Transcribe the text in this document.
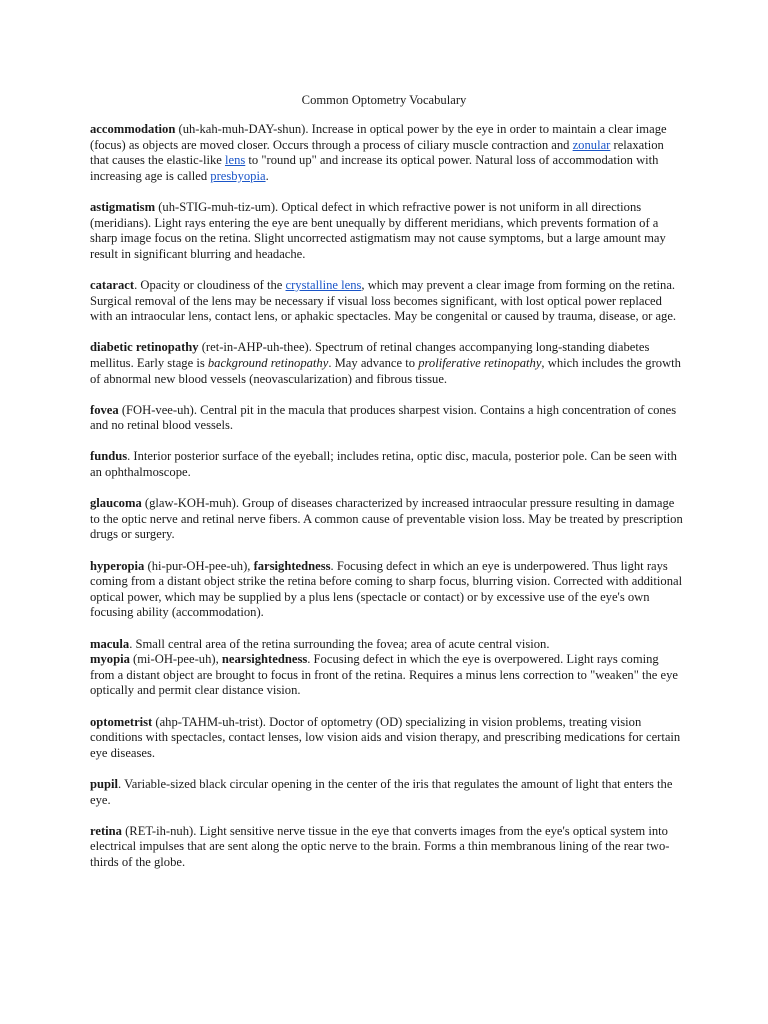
Common Optometry Vocabulary

accommodation (uh-kah-muh-DAY-shun). Increase in optical power by the eye in order to maintain a clear image (focus) as objects are moved closer. Occurs through a process of ciliary muscle contraction and zonular relaxation that causes the elastic-like lens to "round up" and increase its optical power. Natural loss of accommodation with increasing age is called presbyopia.

astigmatism (uh-STIG-muh-tiz-um). Optical defect in which refractive power is not uniform in all directions (meridians). Light rays entering the eye are bent unequally by different meridians, which prevents formation of a sharp image focus on the retina. Slight uncorrected astigmatism may not cause symptoms, but a large amount may result in significant blurring and headache.

cataract. Opacity or cloudiness of the crystalline lens, which may prevent a clear image from forming on the retina. Surgical removal of the lens may be necessary if visual loss becomes significant, with lost optical power replaced with an intraocular lens, contact lens, or aphakic spectacles. May be congenital or caused by trauma, disease, or age.

diabetic retinopathy (ret-in-AHP-uh-thee). Spectrum of retinal changes accompanying long-standing diabetes mellitus. Early stage is background retinopathy. May advance to proliferative retinopathy, which includes the growth of abnormal new blood vessels (neovascularization) and fibrous tissue.

fovea (FOH-vee-uh). Central pit in the macula that produces sharpest vision. Contains a high concentration of cones and no retinal blood vessels.

fundus. Interior posterior surface of the eyeball; includes retina, optic disc, macula, posterior pole. Can be seen with an ophthalmoscope.

glaucoma (glaw-KOH-muh). Group of diseases characterized by increased intraocular pressure resulting in damage to the optic nerve and retinal nerve fibers. A common cause of preventable vision loss. May be treated by prescription drugs or surgery.

hyperopia (hi-pur-OH-pee-uh), farsightedness. Focusing defect in which an eye is underpowered. Thus light rays coming from a distant object strike the retina before coming to sharp focus, blurring vision. Corrected with additional optical power, which may be supplied by a plus lens (spectacle or contact) or by excessive use of the eye's own focusing ability (accommodation).

macula. Small central area of the retina surrounding the fovea; area of acute central vision.

myopia (mi-OH-pee-uh), nearsightedness. Focusing defect in which the eye is overpowered. Light rays coming from a distant object are brought to focus in front of the retina. Requires a minus lens correction to "weaken" the eye optically and permit clear distance vision.

optometrist (ahp-TAHM-uh-trist). Doctor of optometry (OD) specializing in vision problems, treating vision conditions with spectacles, contact lenses, low vision aids and vision therapy, and prescribing medications for certain eye diseases.

pupil. Variable-sized black circular opening in the center of the iris that regulates the amount of light that enters the eye.

retina (RET-ih-nuh). Light sensitive nerve tissue in the eye that converts images from the eye's optical system into electrical impulses that are sent along the optic nerve to the brain. Forms a thin membranous lining of the rear two-thirds of the globe.
